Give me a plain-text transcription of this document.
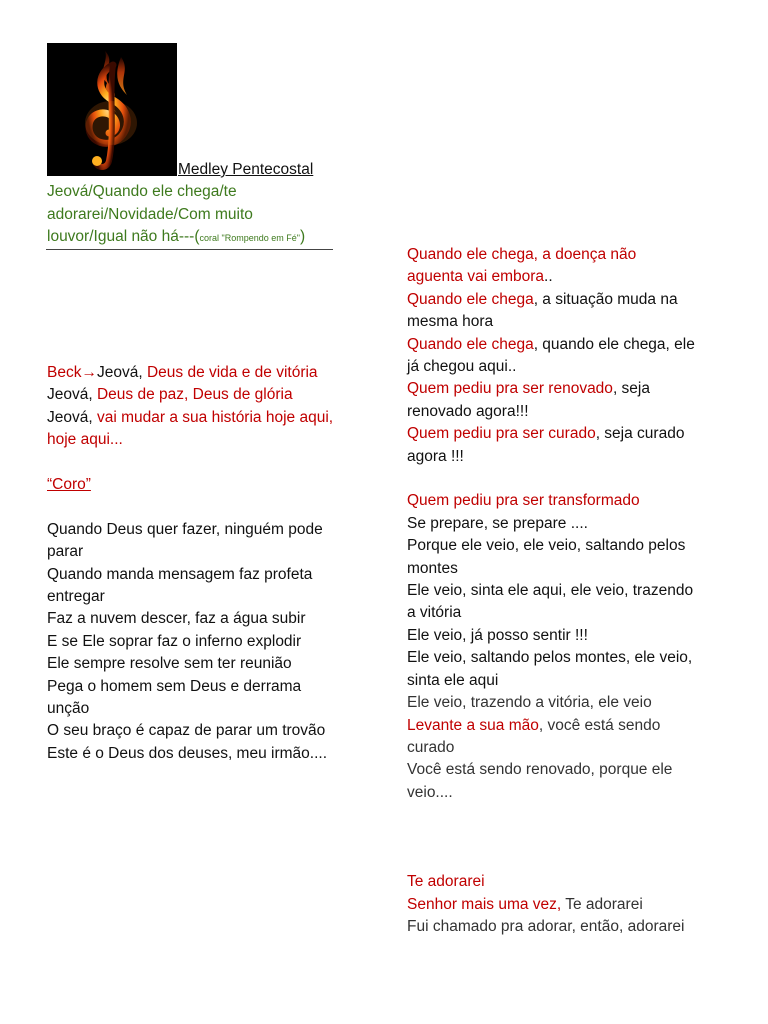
Medley Pentecostal
Jeová/Quando ele chega/te adorarei/Novidade/Com muito louvor/Igual não há---(coral "Rompendo em Fé")
Beck→Jeová, Deus de vida e de vitória
Jeová, Deus de paz, Deus de glória
Jeová, vai mudar a sua história hoje aqui,
hoje aqui...
“Coro”
Quando Deus quer fazer, ninguém pode
parar
Quando manda mensagem faz profeta
entregar
Faz a nuvem descer, faz a água subir
E se Ele soprar faz o inferno explodir
Ele sempre resolve sem ter reunião
Pega o homem sem Deus e derrama
unção
O seu braço é capaz de parar um trovão
Este é o Deus dos deuses, meu irmão....
Quando ele chega, a doença não
aguenta vai embora..
Quando ele chega, a situação muda na
mesma hora
Quando ele chega, quando ele chega, ele
já chegou aqui..
Quem pediu pra ser renovado, seja
renovado agora!!!
Quem pediu pra ser curado, seja curado
agora !!!
Quem pediu pra ser transformado
Se prepare, se prepare ....
Porque ele veio, ele veio, saltando pelos
montes
Ele veio, sinta ele aqui, ele veio, trazendo
a vitória
Ele veio, já posso sentir !!!
Ele veio, saltando pelos montes, ele veio,
sinta ele aqui
Ele veio, trazendo a vitória, ele veio
Levante a sua mão, você está sendo
curado
Você está sendo renovado, porque ele
veio....
Te adorarei
Senhor mais uma vez, Te adorarei
Fui chamado pra adorar, então, adorarei
